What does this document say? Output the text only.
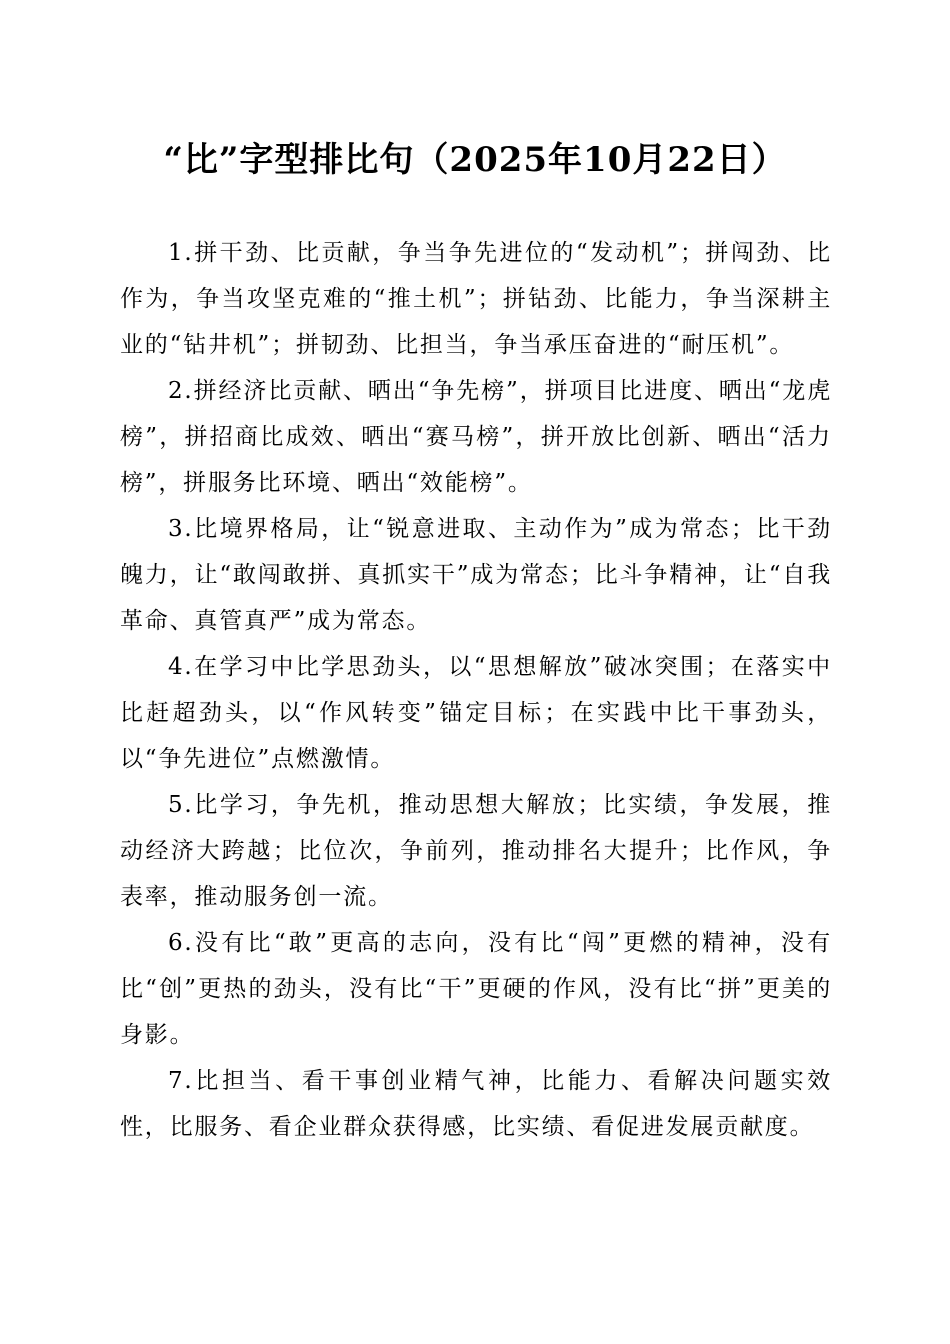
“比”字型排比句（2025年10月22日）

1.拼干劲、比贡献，争当争先进位的“发动机”；拼闯劲、比作为，争当攻坚克难的“推土机”；拼钻劲、比能力，争当深耕主业的“钻井机”；拼韧劲、比担当，争当承压奋进的“耐压机”。

2.拼经济比贡献、晒出“争先榜”，拼项目比进度、晒出“龙虎榜”，拼招商比成效、晒出“赛马榜”，拼开放比创新、晒出“活力榜”，拼服务比环境、晒出“效能榜”。

3.比境界格局，让“锐意进取、主动作为”成为常态；比干劲魄力，让“敢闯敢拼、真抓实干”成为常态；比斗争精神，让“自我革命、真管真严”成为常态。

4.在学习中比学思劲头，以“思想解放”破冰突围；在落实中比赶超劲头，以“作风转变”锚定目标；在实践中比干事劲头，以“争先进位”点燃激情。

5.比学习，争先机，推动思想大解放；比实绩，争发展，推动经济大跨越；比位次，争前列，推动排名大提升；比作风，争表率，推动服务创一流。

6.没有比“敢”更高的志向，没有比“闯”更燃的精神，没有比“创”更热的劲头，没有比“干”更硬的作风，没有比“拼”更美的身影。

7.比担当、看干事创业精气神，比能力、看解决问题实效性，比服务、看企业群众获得感，比实绩、看促进发展贡献度。
